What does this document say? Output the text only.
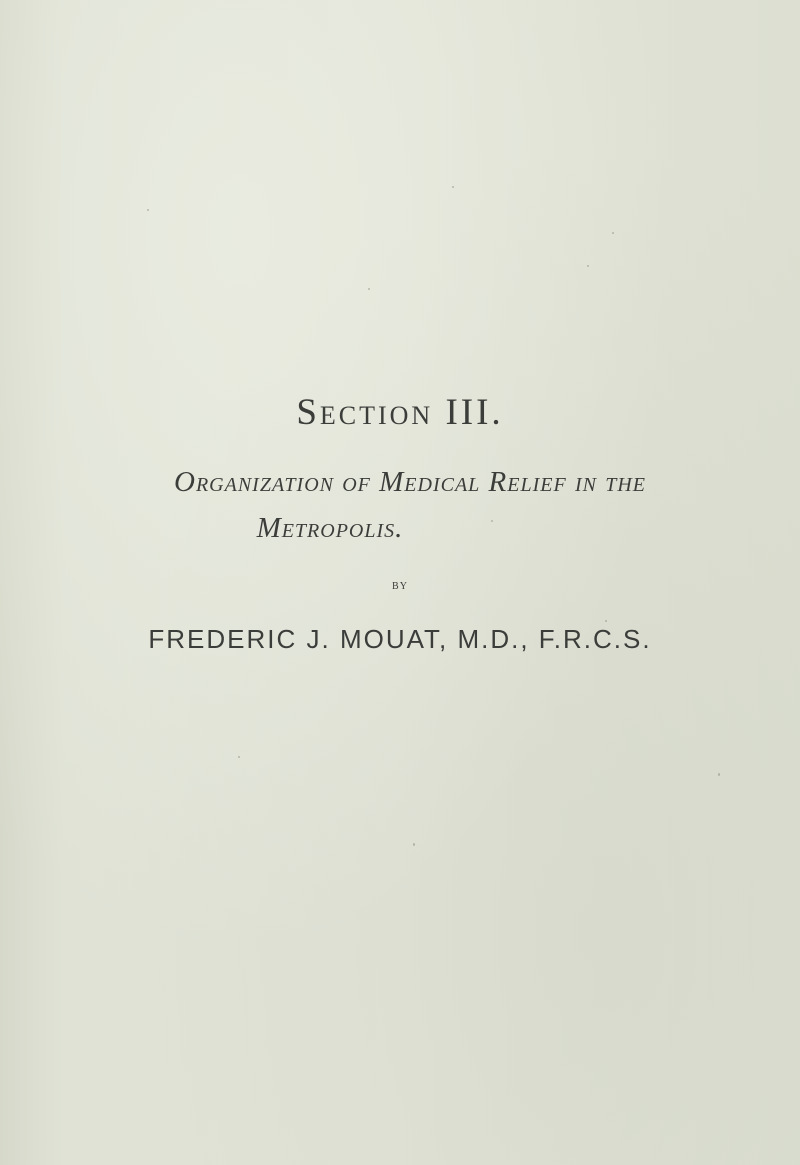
Section III.
Organization of Medical Relief in the
Metropolis.
BY
FREDERIC J. MOUAT, M.D., F.R.C.S.
